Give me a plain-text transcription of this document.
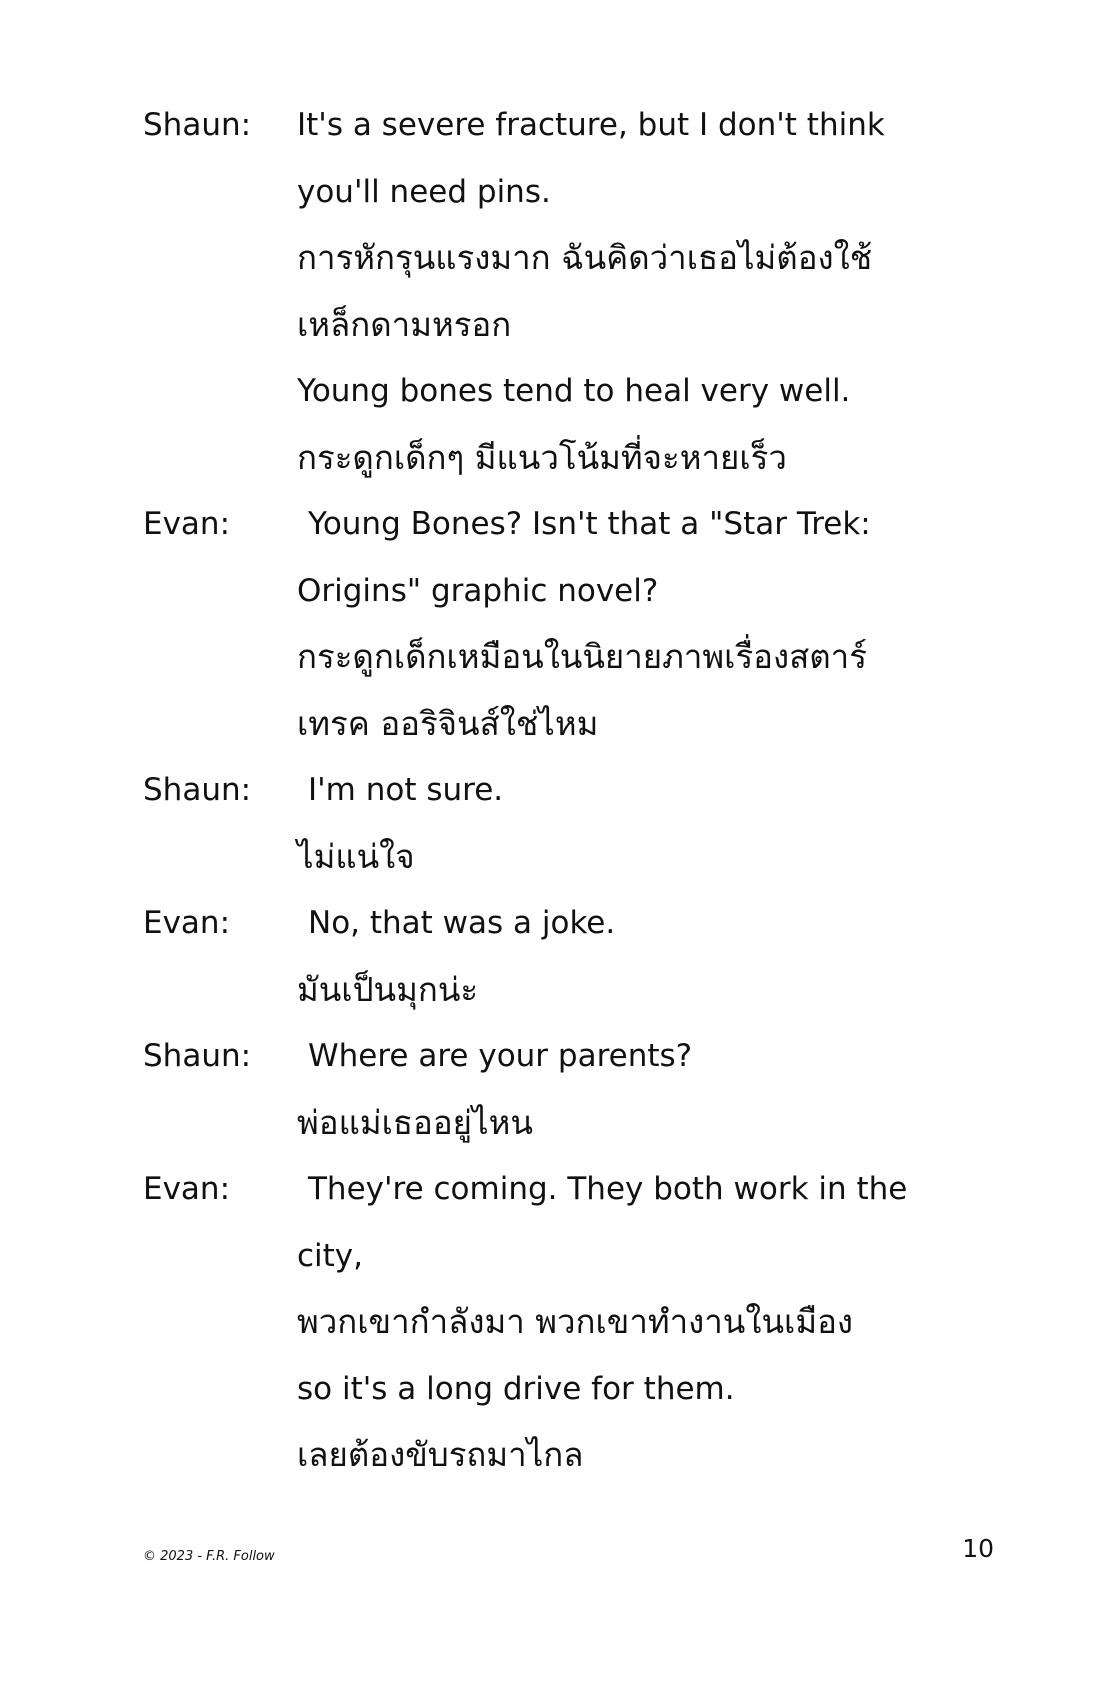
Shaun:	It's a severe fracture, but I don't think
you'll need pins.
การหักรุนแรงมาก ฉันคิดว่าเธอไม่ต้องใช้
เหล็กดามหรอก
Young bones tend to heal very well.
กระดูกเด็กๆ มีแนวโน้มที่จะหายเร็ว
Evan:	Young Bones? Isn't that a "Star Trek:
Origins" graphic novel?
กระดูกเด็กเหมือนในนิยายภาพเรื่องสตาร์
เทรค ออริจินส์ใช่ไหม
Shaun:	I'm not sure.
ไม่แน่ใจ
Evan:	No, that was a joke.
มันเป็นมุกน่ะ
Shaun:	Where are your parents?
พ่อแม่เธออยู่ไหน
Evan:	They're coming. They both work in the
city,
พวกเขากำลังมา พวกเขาทำงานในเมือง
so it's a long drive for them.
เลยต้องขับรถมาไกล
© 2023 - F.R. Follow	10
